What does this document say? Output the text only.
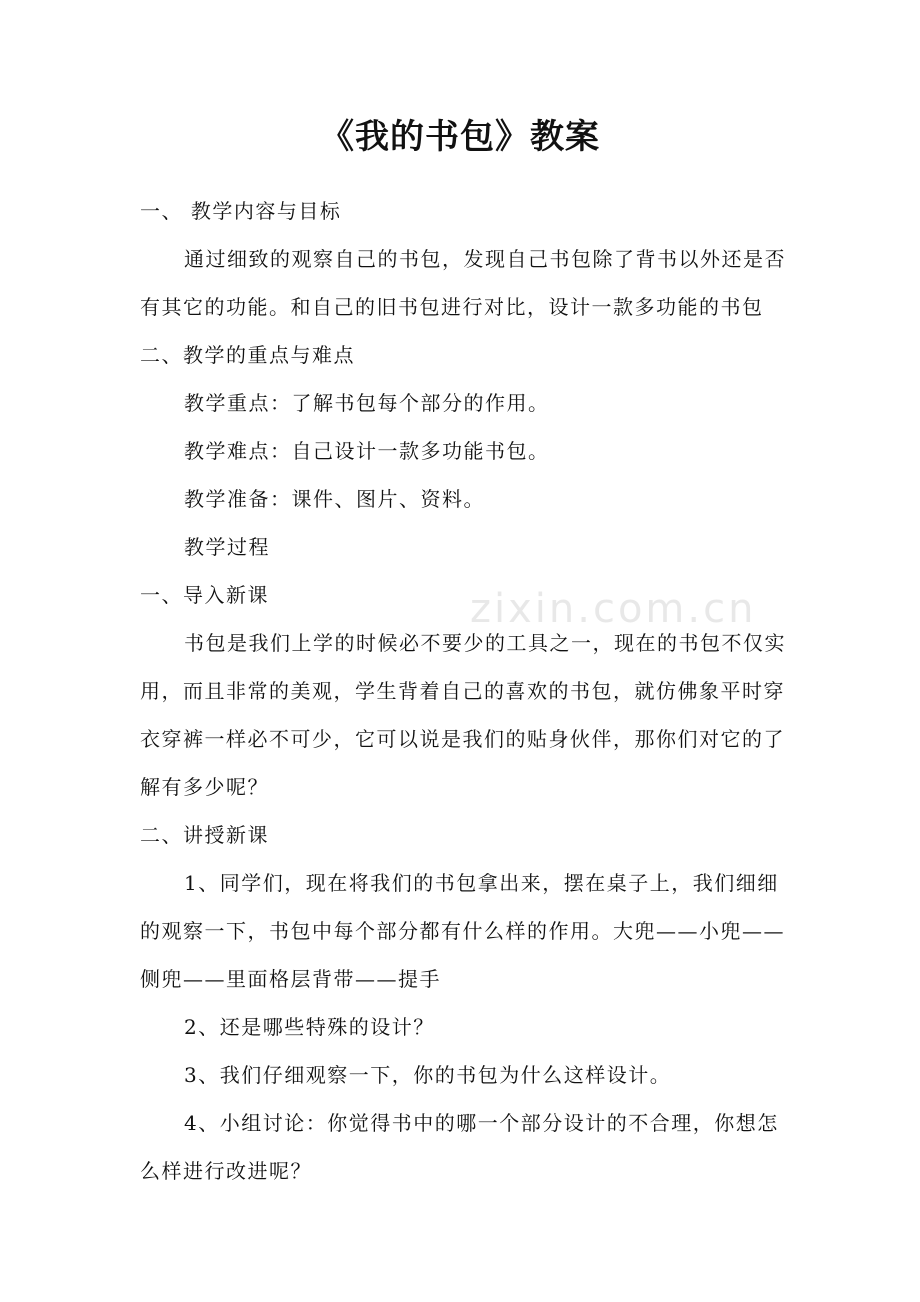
《我的书包》教案

一、 教学内容与目标

通过细致的观察自己的书包，发现自己书包除了背书以外还是否有其它的功能。和自己的旧书包进行对比，设计一款多功能的书包

二、教学的重点与难点

教学重点：了解书包每个部分的作用。

教学难点：自己设计一款多功能书包。

教学准备：课件、图片、资料。

教学过程

一、导入新课

书包是我们上学的时候必不要少的工具之一，现在的书包不仅实用，而且非常的美观，学生背着自己的喜欢的书包，就仿佛象平时穿衣穿裤一样必不可少，它可以说是我们的贴身伙伴，那你们对它的了解有多少呢？

二、讲授新课

1、同学们，现在将我们的书包拿出来，摆在桌子上，我们细细的观察一下，书包中每个部分都有什么样的作用。大兜——小兜——侧兜——里面格层背带——提手

2、还是哪些特殊的设计？

3、我们仔细观察一下，你的书包为什么这样设计。

4、小组讨论：你觉得书中的哪一个部分设计的不合理，你想怎么样进行改进呢？

zixin.com.cn
